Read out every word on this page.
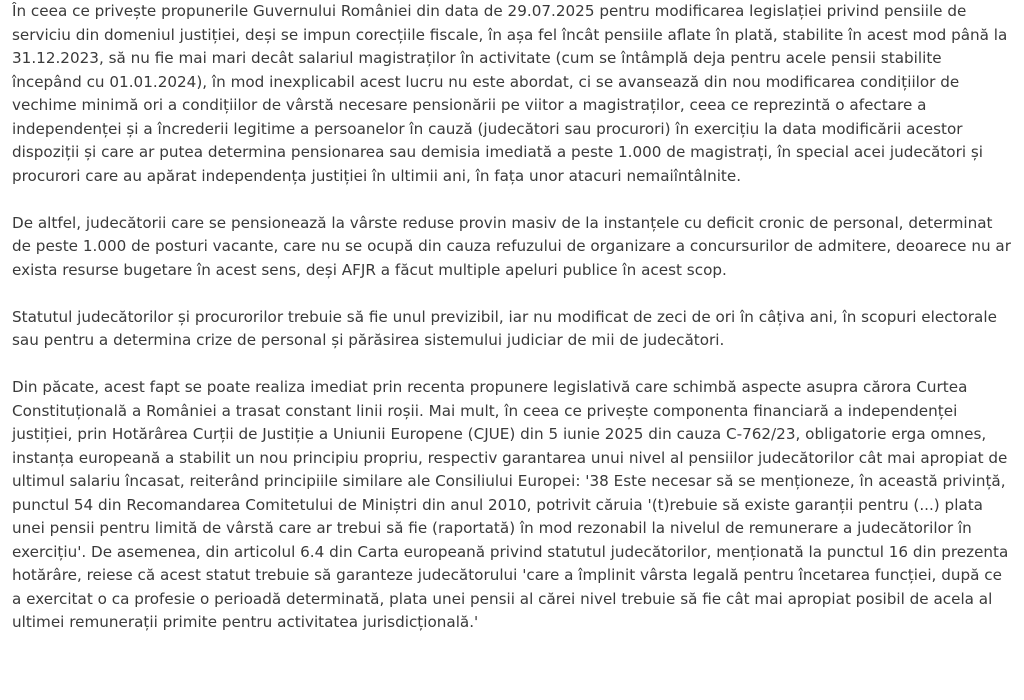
În ceea ce privește propunerile Guvernului României din data de 29.07.2025 pentru modificarea legislației privind pensiile de serviciu din domeniul justiției, deși se impun corecțiile fiscale, în așa fel încât pensiile aflate în plată, stabilite în acest mod până la 31.12.2023, să nu fie mai mari decât salariul magistraților în activitate (cum se întâmplă deja pentru acele pensii stabilite începând cu 01.01.2024), în mod inexplicabil acest lucru nu este abordat, ci se avansează din nou modificarea condițiilor de vechime minimă ori a condițiilor de vârstă necesare pensionării pe viitor a magistraților, ceea ce reprezintă o afectare a independenței și a încrederii legitime a persoanelor în cauză (judecători sau procurori) în exercițiu la data modificării acestor dispoziții și care ar putea determina pensionarea sau demisia imediată a peste 1.000 de magistrați, în special acei judecători și procurori care au apărat independența justiției în ultimii ani, în fața unor atacuri nemaiîntâlnite.

De altfel, judecătorii care se pensionează la vârste reduse provin masiv de la instanțele cu deficit cronic de personal, determinat de peste 1.000 de posturi vacante, care nu se ocupă din cauza refuzului de organizare a concursurilor de admitere, deoarece nu ar exista resurse bugetare în acest sens, deși AFJR a făcut multiple apeluri publice în acest scop.

Statutul judecătorilor și procurorilor trebuie să fie unul previzibil, iar nu modificat de zeci de ori în câțiva ani, în scopuri electorale sau pentru a determina crize de personal și părăsirea sistemului judiciar de mii de judecători.

Din păcate, acest fapt se poate realiza imediat prin recenta propunere legislativă care schimbă aspecte asupra cărora Curtea Constituțională a României a trasat constant linii roșii. Mai mult, în ceea ce privește componenta financiară a independenței justiției, prin Hotărârea Curții de Justiție a Uniunii Europene (CJUE) din 5 iunie 2025 din cauza C-762/23, obligatorie erga omnes, instanța europeană a stabilit un nou principiu propriu, respectiv garantarea unui nivel al pensiilor judecătorilor cât mai apropiat de ultimul salariu încasat, reiterând principiile similare ale Consiliului Europei: '38 Este necesar să se menționeze, în această privință, punctul 54 din Recomandarea Comitetului de Miniștri din anul 2010, potrivit căruia '(t)rebuie să existe garanții pentru (...) plata unei pensii pentru limită de vârstă care ar trebui să fie (raportată) în mod rezonabil la nivelul de remunerare a judecătorilor în exercițiu'. De asemenea, din articolul 6.4 din Carta europeană privind statutul judecătorilor, menționată la punctul 16 din prezenta hotărâre, reiese că acest statut trebuie să garanteze judecătorului 'care a împlinit vârsta legală pentru încetarea funcției, după ce a exercitat o ca profesie o perioadă determinată, plata unei pensii al cărei nivel trebuie să fie cât mai apropiat posibil de acela al ultimei remunerații primite pentru activitatea jurisdicțională.'
